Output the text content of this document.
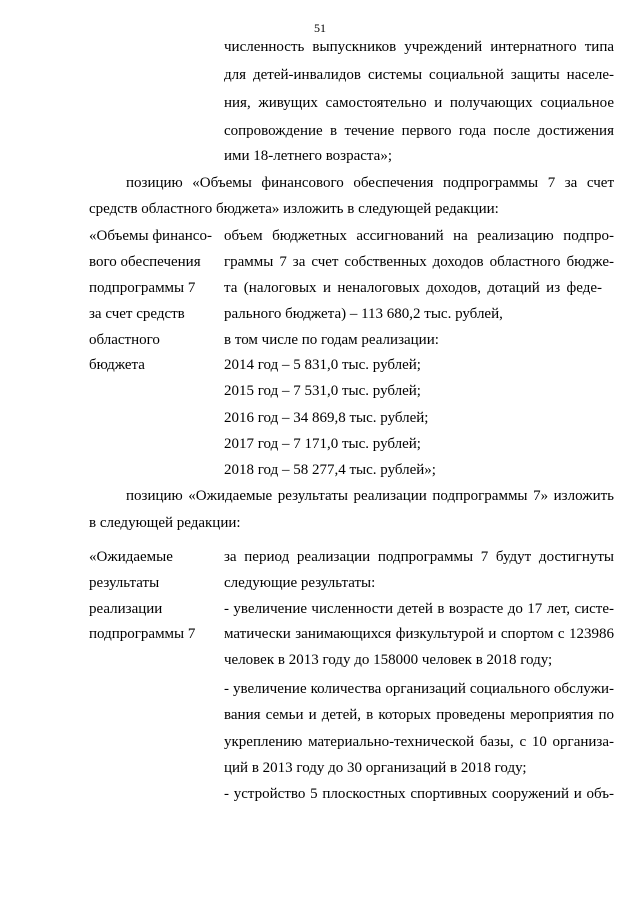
51
численность выпускников учреждений интернатного типа
для детей-инвалидов системы социальной защиты населе-
ния, живущих самостоятельно и получающих социальное
сопровождение в течение первого года после достижения
ими 18-летнего возраста»;
позицию «Объемы финансового обеспечения подпрограммы 7 за счет
средств областного бюджета» изложить в следующей редакции:
«Объемы финансо-
вого обеспечения
подпрограммы 7
за счет средств
областного
бюджета
объем бюджетных ассигнований на реализацию подпро-
граммы 7 за счет собственных доходов областного бюдже-
та (налоговых и неналоговых доходов, дотаций из феде-
рального бюджета) – 113 680,2 тыс. рублей,
в том числе по годам реализации:
2014 год – 5 831,0 тыс. рублей;
2015 год – 7 531,0 тыс. рублей;
2016 год – 34 869,8 тыс. рублей;
2017 год – 7 171,0 тыс. рублей;
2018 год – 58 277,4 тыс. рублей»;
позицию «Ожидаемые результаты реализации подпрограммы 7» изложить
в следующей редакции:
«Ожидаемые
результаты
реализации
подпрограммы 7
за период реализации подпрограммы 7 будут достигнуты
следующие результаты:
- увеличение численности детей в возрасте до 17 лет, систе-
матически занимающихся физкультурой и спортом с 123986
человек в 2013 году до 158000 человек в 2018 году;
- увеличение количества организаций социального обслужи-
вания семьи и детей, в которых проведены мероприятия по
укреплению материально-технической базы, с 10 организа-
ций в 2013 году до 30 организаций в 2018 году;
- устройство 5 плоскостных спортивных сооружений и объ-
